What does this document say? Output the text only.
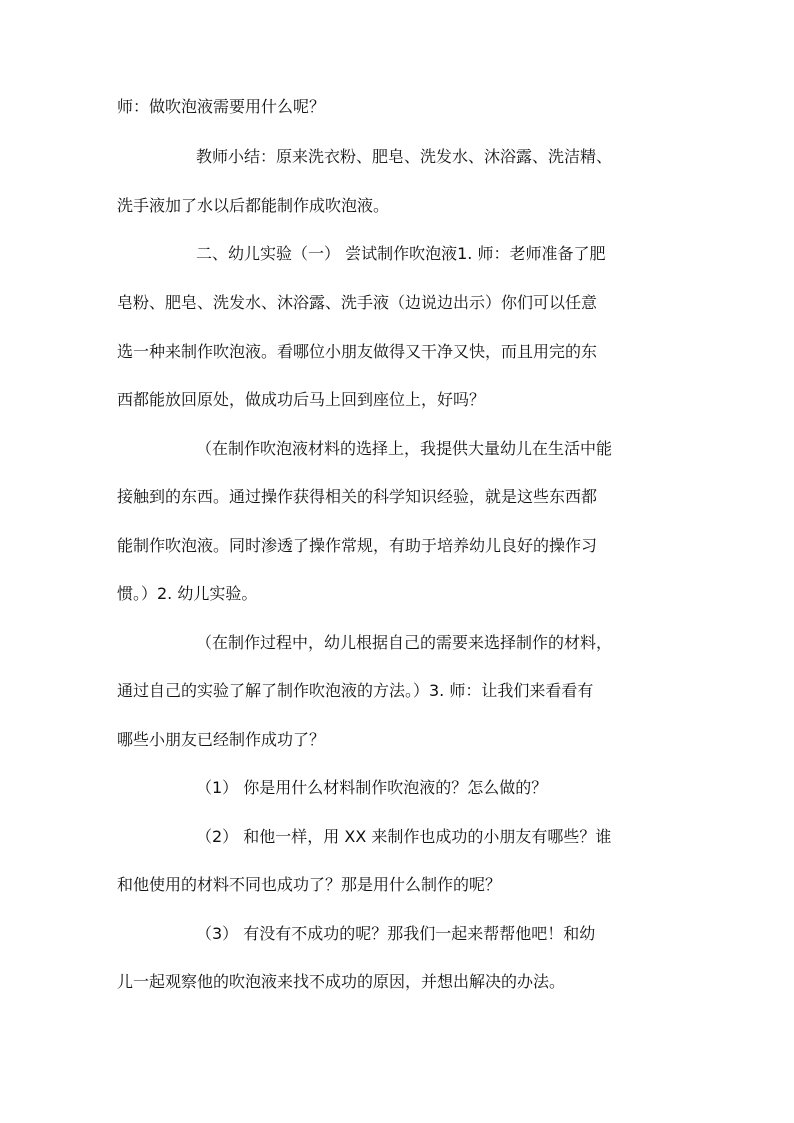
师：做吹泡液需要用什么呢？
教师小结：原来洗衣粉、肥皂、洗发水、沐浴露、洗洁精、
洗手液加了水以后都能制作成吹泡液。
二、幼儿实验（一） 尝试制作吹泡液1. 师：老师准备了肥
皂粉、肥皂、洗发水、沐浴露、洗手液（边说边出示）你们可以任意
选一种来制作吹泡液。看哪位小朋友做得又干净又快，而且用完的东
西都能放回原处，做成功后马上回到座位上，好吗？
（在制作吹泡液材料的选择上，我提供大量幼儿在生活中能
接触到的东西。通过操作获得相关的科学知识经验，就是这些东西都
能制作吹泡液。同时渗透了操作常规，有助于培养幼儿良好的操作习
惯。）2. 幼儿实验。
（在制作过程中，幼儿根据自己的需要来选择制作的材料，
通过自己的实验了解了制作吹泡液的方法。）3. 师：让我们来看看有
哪些小朋友已经制作成功了？
（1） 你是用什么材料制作吹泡液的？怎么做的？
（2） 和他一样，用 XX 来制作也成功的小朋友有哪些？谁
和他使用的材料不同也成功了？那是用什么制作的呢？
（3） 有没有不成功的呢？那我们一起来帮帮他吧！和幼
儿一起观察他的吹泡液来找不成功的原因，并想出解决的办法。
